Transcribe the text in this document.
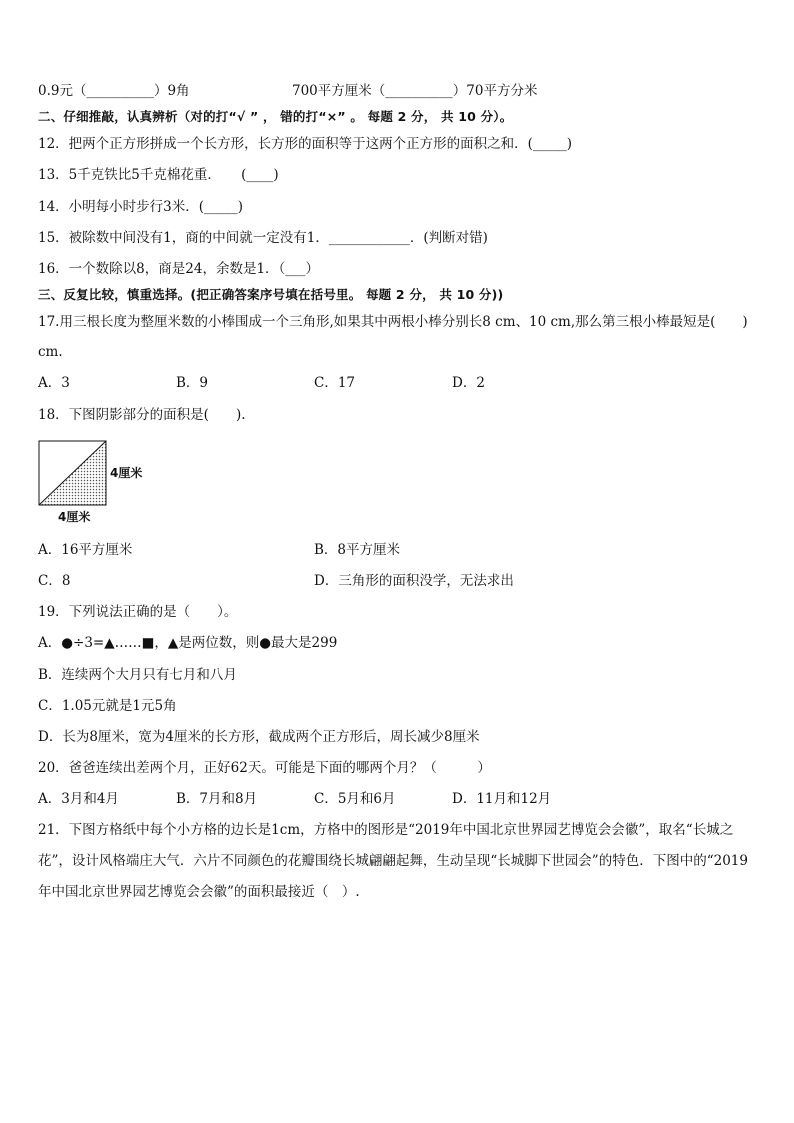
0.9元（__________）9角	700平方厘米（__________）70平方分米
二、仔细推敲，认真辨析（对的打“√ ” ， 错的打“×” 。 每题 2 分， 共 10 分）。
12．把两个正方形拼成一个长方形，长方形的面积等于这两个正方形的面积之和．(_____)
13．5千克铁比5千克棉花重．　　(____)
14．小明每小时步行3米．(_____)
15．被除数中间没有1，商的中间就一定没有1．____________．(判断对错)
16．一个数除以8，商是24，余数是1．（___）
三、反复比较，慎重选择。(把正确答案序号填在括号里。 每题 2 分， 共 10 分))
17.用三根长度为整厘米数的小棒围成一个三角形,如果其中两根小棒分别长8 cm、10 cm,那么第三根小棒最短是(　　)
cm.
A．3	B．9	C．17	D．2
18．下图阴影部分的面积是(　　).
4厘米
4厘米
A．16平方厘米	B．8平方厘米
C．8	D．三角形的面积没学，无法求出
19．下列说法正确的是（　　）。
A．●÷3=▲……■，▲是两位数，则●最大是299
B．连续两个大月只有七月和八月
C．1.05元就是1元5角
D．长为8厘米，宽为4厘米的长方形，截成两个正方形后，周长减少8厘米
20．爸爸连续出差两个月，正好62天。可能是下面的哪两个月？（　　　）
A．3月和4月	B．7月和8月	C．5月和6月	D．11月和12月
21．下图方格纸中每个小方格的边长是1cm，方格中的图形是“2019年中国北京世界园艺博览会会徽”，取名“长城之
花”，设计风格端庄大气．六片不同颜色的花瓣围绕长城翩翩起舞，生动呈现“长城脚下世园会”的特色．下图中的“2019
年中国北京世界园艺博览会会徽”的面积最接近（　）.
